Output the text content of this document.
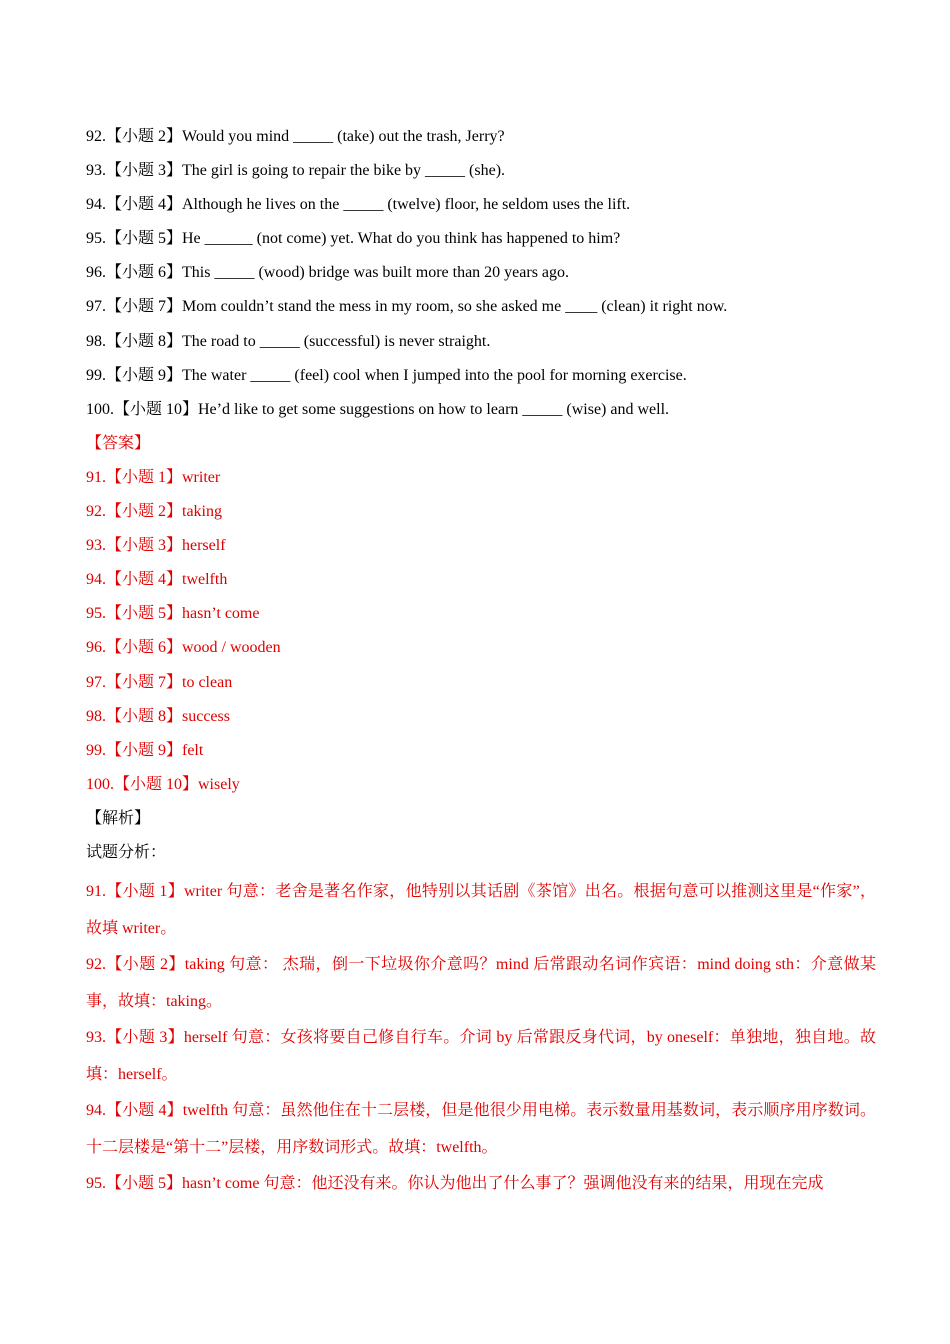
92.【小题 2】Would you mind _____ (take) out the trash, Jerry?
93.【小题 3】The girl is going to repair the bike by _____ (she).
94.【小题 4】Although he lives on the _____ (twelve) floor, he seldom uses the lift.
95.【小题 5】He ______ (not come) yet. What do you think has happened to him?
96.【小题 6】This _____ (wood) bridge was built more than 20 years ago.
97.【小题 7】Mom couldn’t stand the mess in my room, so she asked me ____ (clean) it right now.
98.【小题 8】The road to _____ (successful) is never straight.
99.【小题 9】The water _____ (feel) cool when I jumped into the pool for morning exercise.
100.【小题 10】He’d like to get some suggestions on how to learn _____ (wise) and well.
【答案】
91.【小题 1】writer
92.【小题 2】taking
93.【小题 3】herself
94.【小题 4】twelfth
95.【小题 5】hasn’t come
96.【小题 6】wood / wooden
97.【小题 7】to clean
98.【小题 8】success
99.【小题 9】felt
100.【小题 10】wisely
【解析】
试题分析：
91.【小题 1】writer 句意：老舍是著名作家，他特别以其话剧《茶馆》出名。根据句意可以推测这里是“作家”，故填 writer。
92.【小题 2】taking 句意： 杰瑞，倒一下垃圾你介意吗？mind 后常跟动名词作宾语：mind doing sth：介意做某事，故填：taking。
93.【小题 3】herself 句意：女孩将要自己修自行车。介词 by 后常跟反身代词，by oneself：单独地，独自地。故填：herself。
94.【小题 4】twelfth 句意：虽然他住在十二层楼，但是他很少用电梯。表示数量用基数词，表示顺序用序数词。十二层楼是“第十二”层楼，用序数词形式。故填：twelfth。
95.【小题 5】hasn’t come 句意：他还没有来。你认为他出了什么事了？强调他没有来的结果，用现在完成
